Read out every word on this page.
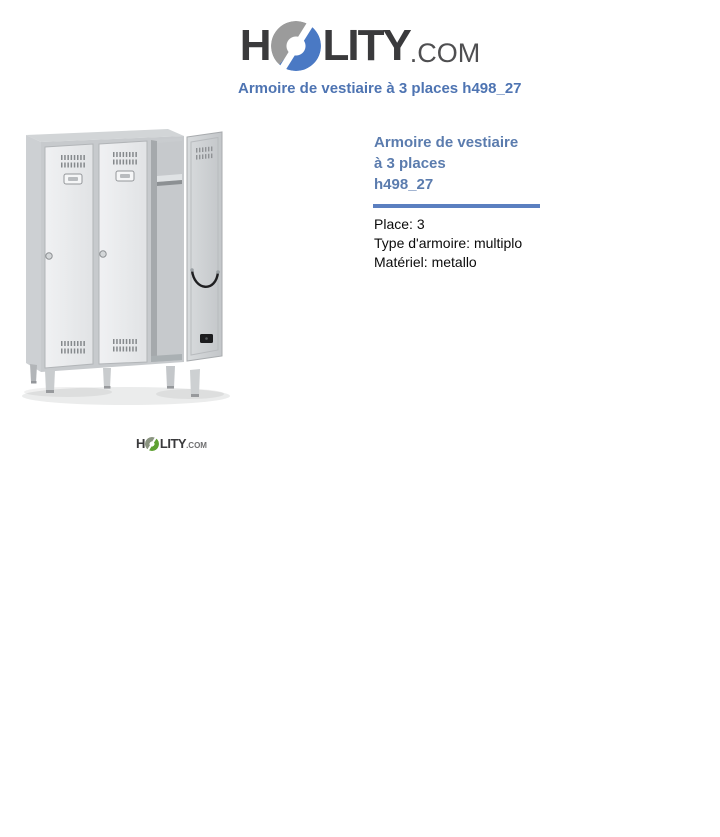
H LITY .COM
Armoire de vestiaire à 3 places h498_27
H LITY .COM
Armoire de vestiaire
à 3 places
h498_27
Place: 3
Type d'armoire: multiplo
Matériel: metallo
